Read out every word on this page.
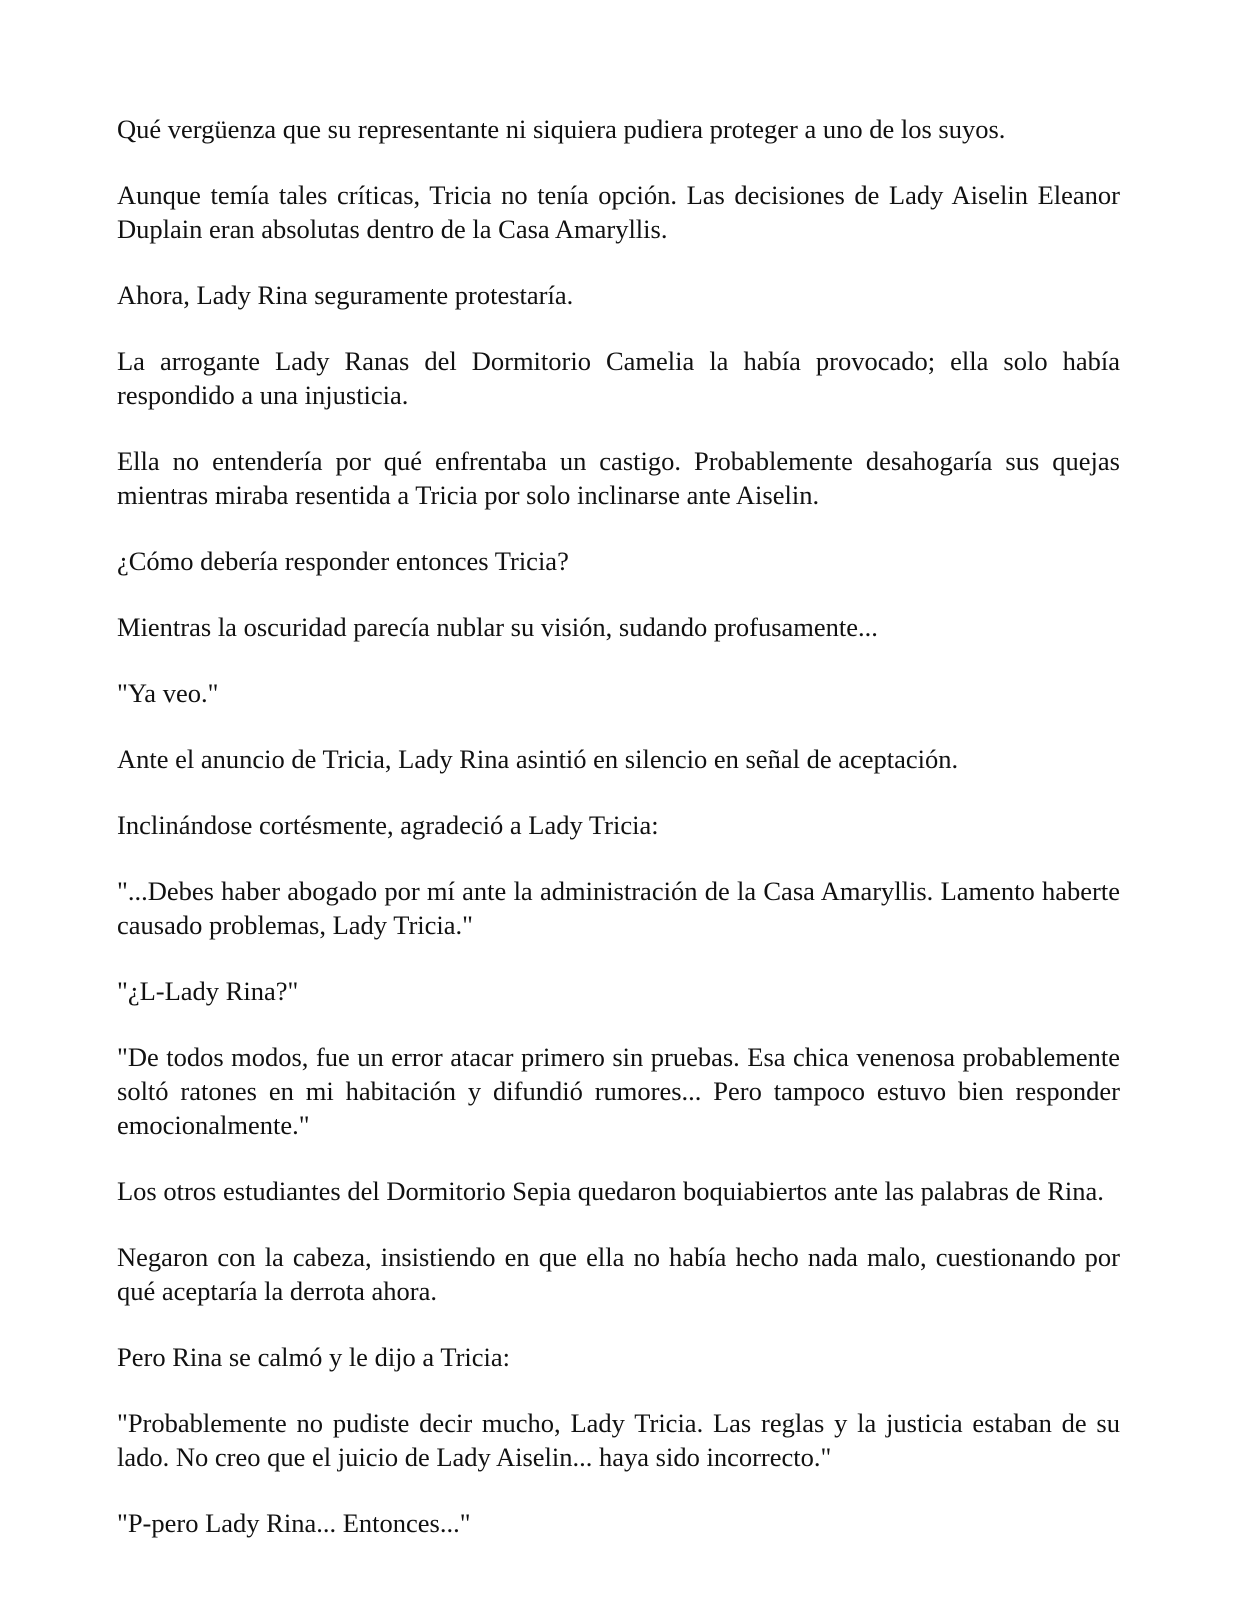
Qué vergüenza que su representante ni siquiera pudiera proteger a uno de los suyos.

Aunque temía tales críticas, Tricia no tenía opción. Las decisiones de Lady Aiselin Eleanor Duplain eran absolutas dentro de la Casa Amaryllis.

Ahora, Lady Rina seguramente protestaría.

La arrogante Lady Ranas del Dormitorio Camelia la había provocado; ella solo había respondido a una injusticia.

Ella no entendería por qué enfrentaba un castigo. Probablemente desahogaría sus quejas mientras miraba resentida a Tricia por solo inclinarse ante Aiselin.

¿Cómo debería responder entonces Tricia?

Mientras la oscuridad parecía nublar su visión, sudando profusamente...

"Ya veo."

Ante el anuncio de Tricia, Lady Rina asintió en silencio en señal de aceptación.

Inclinándose cortésmente, agradeció a Lady Tricia:

"...Debes haber abogado por mí ante la administración de la Casa Amaryllis. Lamento haberte causado problemas, Lady Tricia."

"¿L-Lady Rina?"

"De todos modos, fue un error atacar primero sin pruebas. Esa chica venenosa probablemente soltó ratones en mi habitación y difundió rumores... Pero tampoco estuvo bien responder emocionalmente."

Los otros estudiantes del Dormitorio Sepia quedaron boquiabiertos ante las palabras de Rina.

Negaron con la cabeza, insistiendo en que ella no había hecho nada malo, cuestionando por qué aceptaría la derrota ahora.

Pero Rina se calmó y le dijo a Tricia:

"Probablemente no pudiste decir mucho, Lady Tricia. Las reglas y la justicia estaban de su lado. No creo que el juicio de Lady Aiselin... haya sido incorrecto."

"P-pero Lady Rina... Entonces..."
